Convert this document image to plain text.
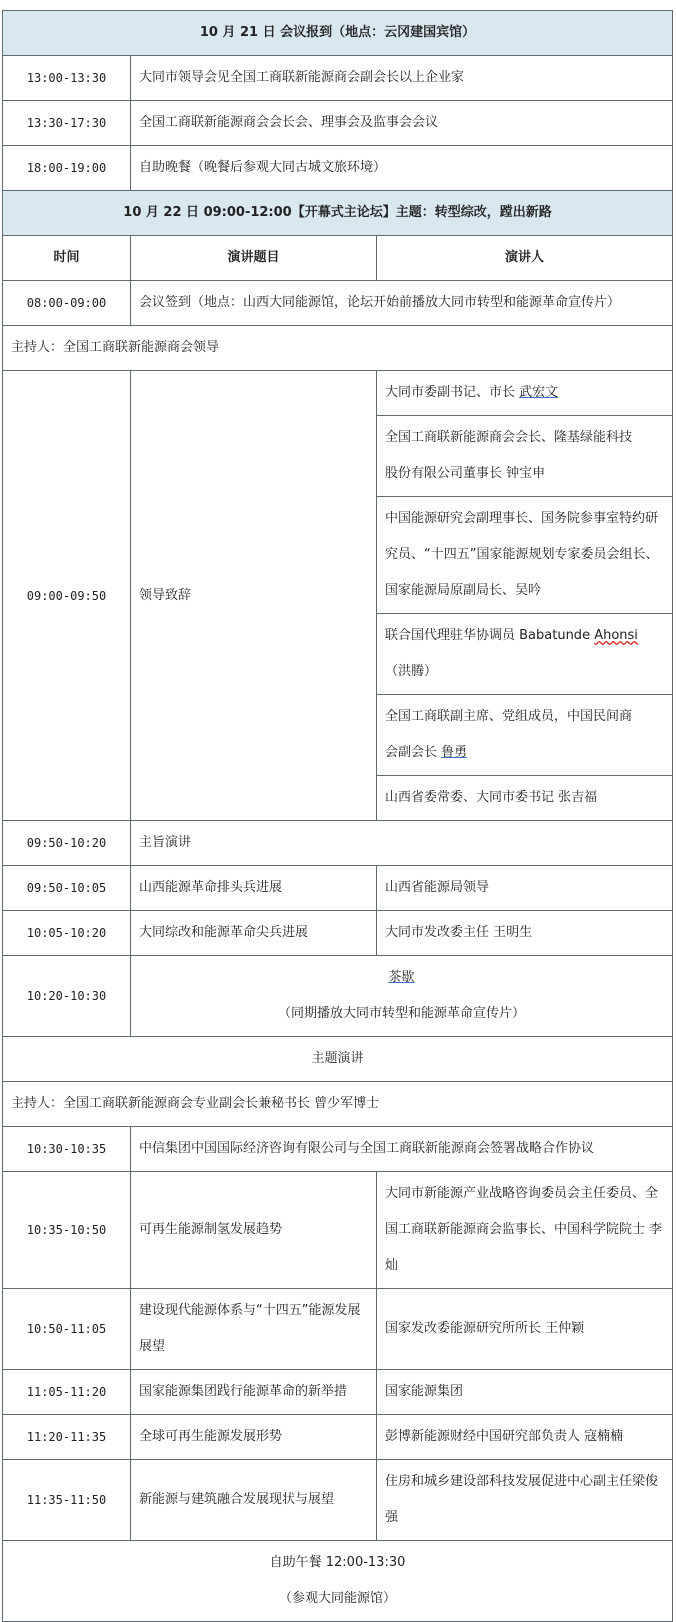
10 月 21 日 会议报到（地点：云冈建国宾馆）		
13:00-13:30	大同市领导会见全国工商联新能源商会副会长以上企业家	
13:30-17:30	全国工商联新能源商会会长会、理事会及监事会会议	
18:00-19:00	自助晚餐（晚餐后参观大同古城文旅环境）	
10 月 22 日 09:00-12:00【开幕式主论坛】主题：转型综改，蹚出新路		
时间	演讲题目	演讲人
08:00-09:00	会议签到（地点：山西大同能源馆，论坛开始前播放大同市转型和能源革命宣传片）	
主持人：全国工商联新能源商会领导		
09:00-09:50	领导致辞	大同市委副书记、市长 武宏文

		全国工商联新能源商会会长、隆基绿能科技
股份有限公司董事长 钟宝申

		中国能源研究会副理事长、国务院参事室特约研究员、“十四五”国家能源规划专家委员会组长、国家能源局原副局长、吴吟
		联合国代理驻华协调员 Babatunde Ahonsi
（洪腾）

		全国工商联副主席、党组成员，中国民间商
会副会长 鲁勇
		山西省委常委、大同市委书记 张吉福
09:50-10:20	主旨演讲	
09:50-10:05	山西能源革命排头兵进展	山西省能源局领导
10:05-10:20	大同综改和能源革命尖兵进展	大同市发改委主任 王明生
10:20-10:30	茶歇
（同期播放大同市转型和能源革命宣传片）	

主题演讲		
主持人：全国工商联新能源商会专业副会长兼秘书长 曾少军博士		
10:30-10:35	中信集团中国国际经济咨询有限公司与全国工商联新能源商会签署战略合作协议	
10:35-10:50	可再生能源制氢发展趋势	大同市新能源产业战略咨询委员会主任委员、全国工商联新能源商会监事长、中国科学院院士 李灿
10:50-11:05	建设现代能源体系与“十四五”能源发展展望	国家发改委能源研究所所长 王仲颖
11:05-11:20	国家能源集团践行能源革命的新举措	国家能源集团
11:20-11:35	全球可再生能源发展形势	彭博新能源财经中国研究部负责人 寇楠楠
11:35-11:50	新能源与建筑融合发展现状与展望	住房和城乡建设部科技发展促进中心副主任梁俊强

自助午餐 12:00-13:30
（参观大同能源馆）		
